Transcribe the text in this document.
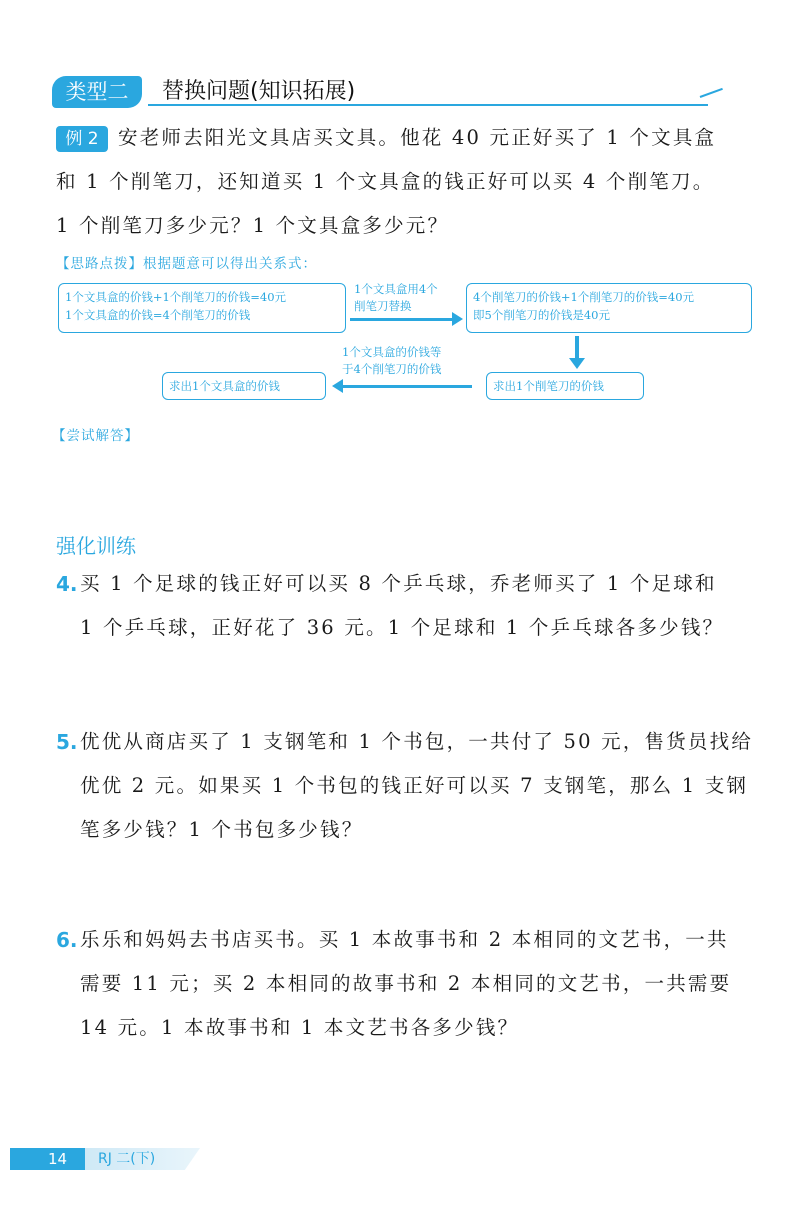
类型二	替换问题(知识拓展)
例 2 安老师去阳光文具店买文具。他花 40 元正好买了 1 个文具盒
和 1 个削笔刀，还知道买 1 个文具盒的钱正好可以买 4 个削笔刀。
1 个削笔刀多少元？1 个文具盒多少元？
【思路点拨】根据题意可以得出关系式：
1个文具盒的价钱+1个削笔刀的价钱=40元
1个文具盒的价钱=4个削笔刀的价钱
1个文具盒用4个
削笔刀替换
4个削笔刀的价钱+1个削笔刀的价钱=40元
即5个削笔刀的价钱是40元
求出1个削笔刀的价钱
1个文具盒的价钱等
于4个削笔刀的价钱
求出1个文具盒的价钱
【尝试解答】
强化训练
4. 买 1 个足球的钱正好可以买 8 个乒乓球，乔老师买了 1 个足球和
1 个乒乓球，正好花了 36 元。1 个足球和 1 个乒乓球各多少钱？
5. 优优从商店买了 1 支钢笔和 1 个书包，一共付了 50 元，售货员找给
优优 2 元。如果买 1 个书包的钱正好可以买 7 支钢笔，那么 1 支钢
笔多少钱？1 个书包多少钱？
6. 乐乐和妈妈去书店买书。买 1 本故事书和 2 本相同的文艺书，一共
需要 11 元；买 2 本相同的故事书和 2 本相同的文艺书，一共需要
14 元。1 本故事书和 1 本文艺书各多少钱？
14 RJ 二(下)
